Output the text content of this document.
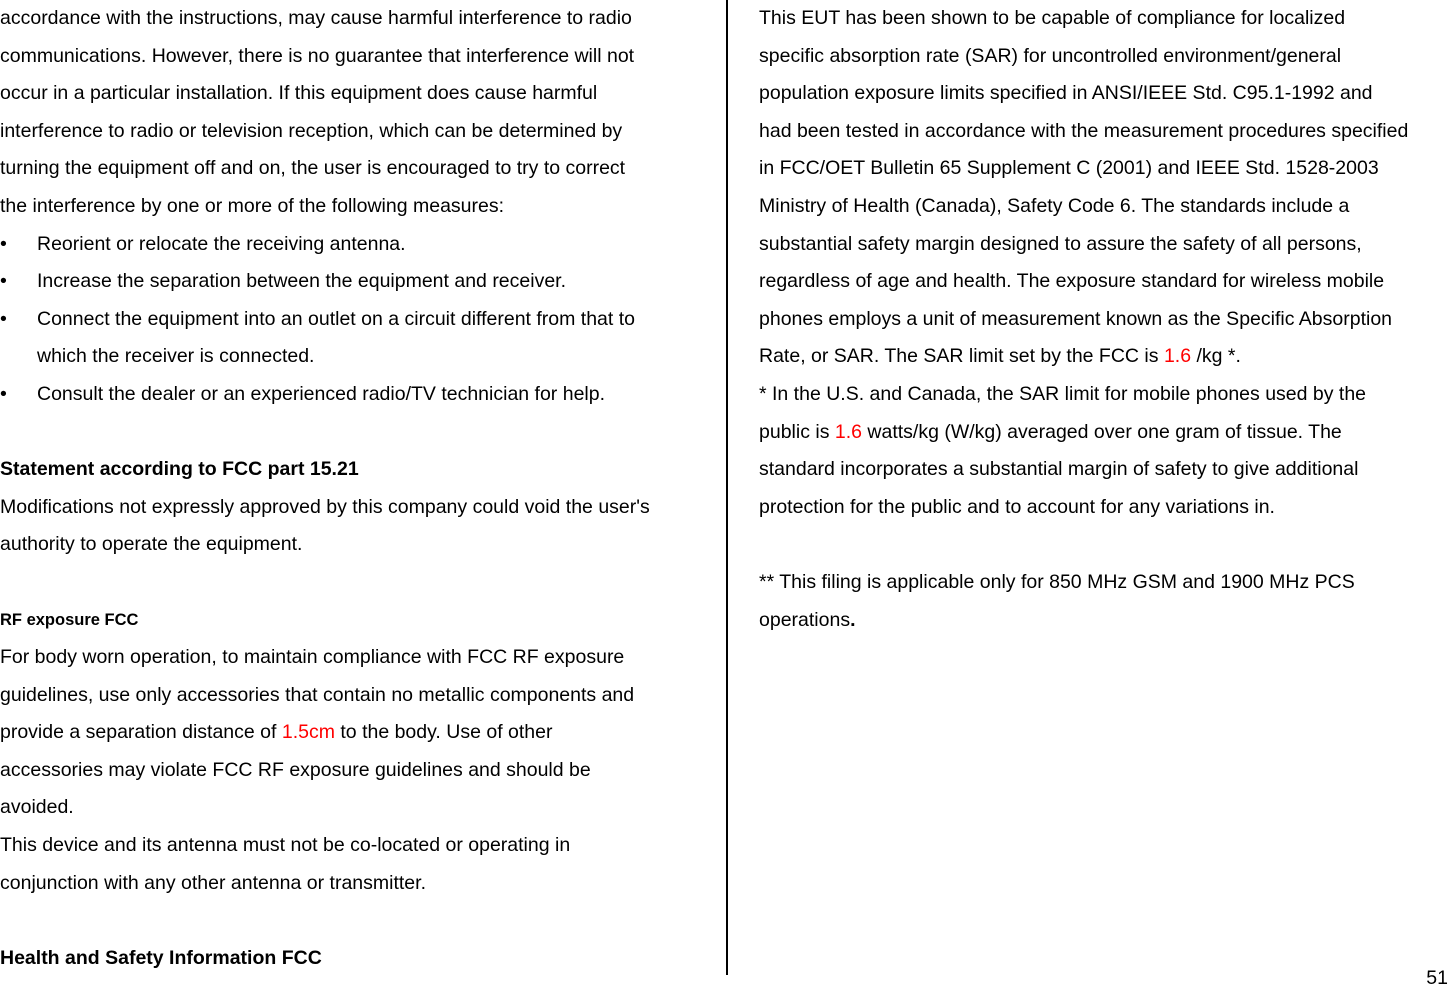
accordance with the instructions, may cause harmful interference to radio
communications. However, there is no guarantee that interference will not
occur in a particular installation. If this equipment does cause harmful
interference to radio or television reception, which can be determined by
turning the equipment off and on, the user is encouraged to try to correct
the interference by one or more of the following measures:
• Reorient or relocate the receiving antenna.
• Increase the separation between the equipment and receiver.
• Connect the equipment into an outlet on a circuit different from that to
which the receiver is connected.
• Consult the dealer or an experienced radio/TV technician for help.
Statement according to FCC part 15.21
Modifications not expressly approved by this company could void the user's
authority to operate the equipment.
RF exposure FCC
For body worn operation, to maintain compliance with FCC RF exposure
guidelines, use only accessories that contain no metallic components and
provide a separation distance of 1.5cm to the body. Use of other
accessories may violate FCC RF exposure guidelines and should be
avoided.
This device and its antenna must not be co-located or operating in
conjunction with any other antenna or transmitter.
Health and Safety Information FCC
This EUT has been shown to be capable of compliance for localized
specific absorption rate (SAR) for uncontrolled environment/general
population exposure limits specified in ANSI/IEEE Std. C95.1-1992 and
had been tested in accordance with the measurement procedures specified
in FCC/OET Bulletin 65 Supplement C (2001) and IEEE Std. 1528-2003
Ministry of Health (Canada), Safety Code 6. The standards include a
substantial safety margin designed to assure the safety of all persons,
regardless of age and health. The exposure standard for wireless mobile
phones employs a unit of measurement known as the Specific Absorption
Rate, or SAR. The SAR limit set by the FCC is 1.6 /kg *.
* In the U.S. and Canada, the SAR limit for mobile phones used by the
public is 1.6 watts/kg (W/kg) averaged over one gram of tissue. The
standard incorporates a substantial margin of safety to give additional
protection for the public and to account for any variations in.
** This filing is applicable only for 850 MHz GSM and 1900 MHz PCS
operations.
51
